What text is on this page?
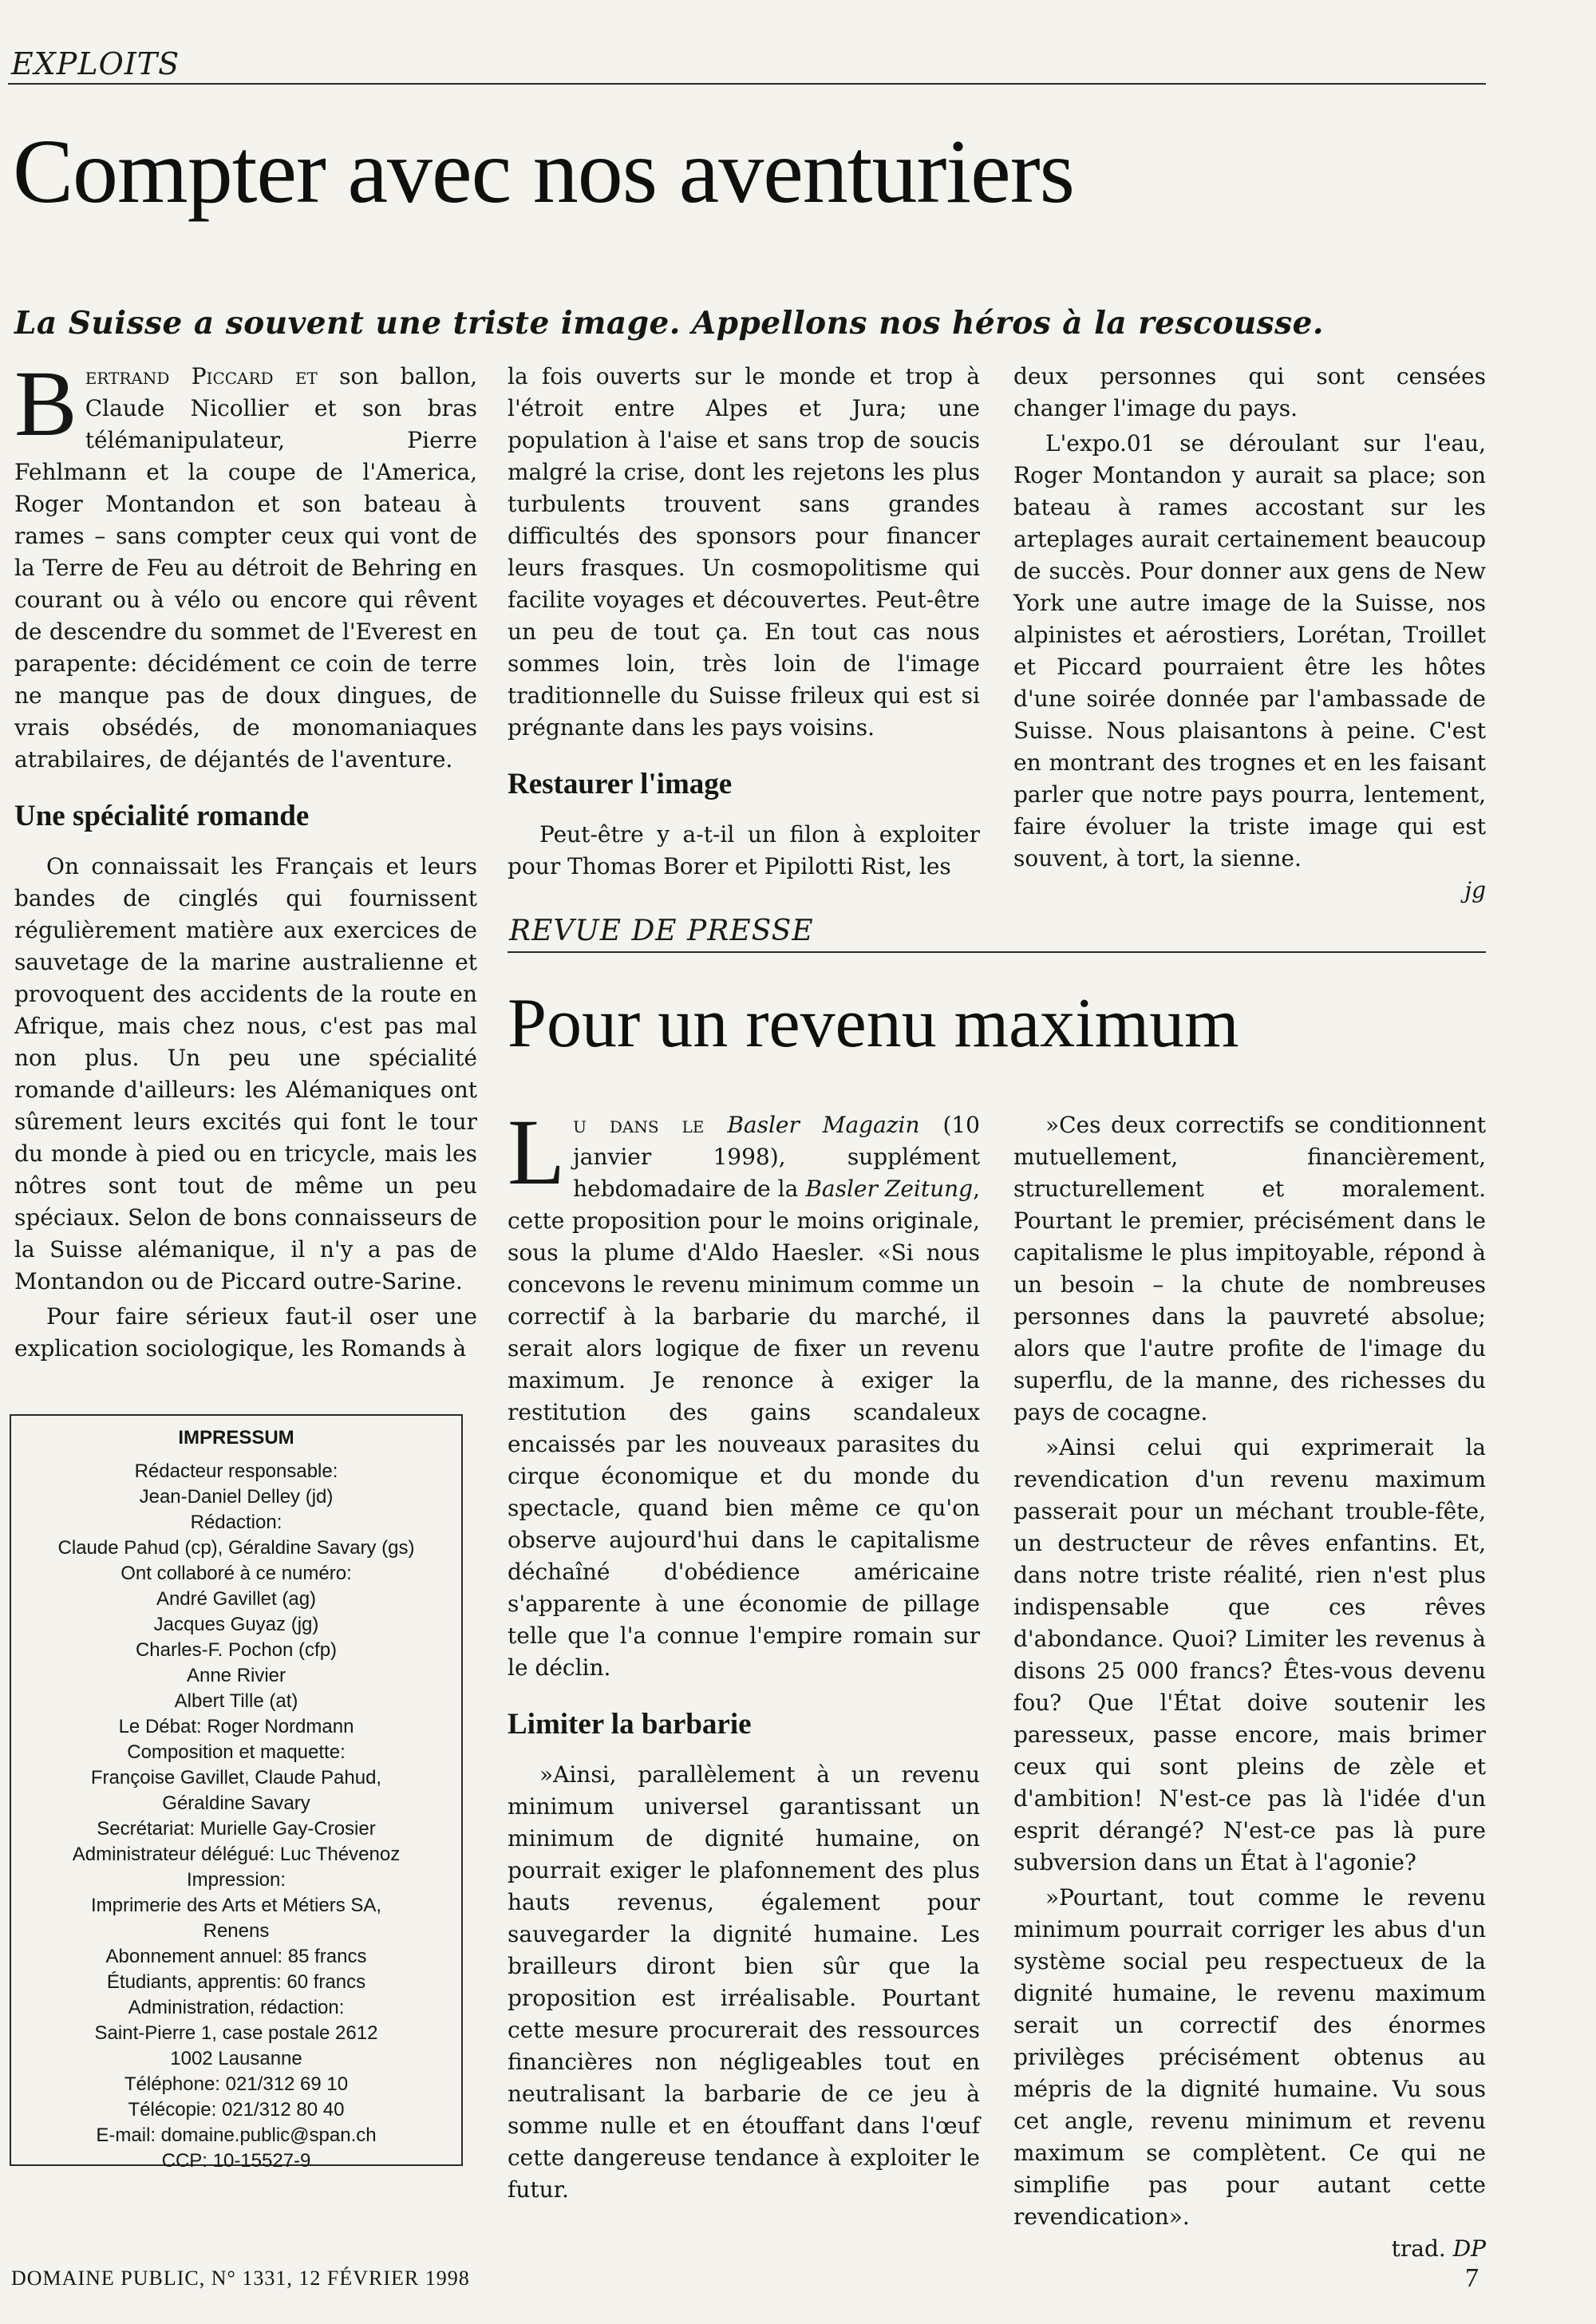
EXPLOITS
Compter avec nos aventuriers
La Suisse a souvent une triste image. Appellons nos héros à la rescousse.

B ertrand Piccard et son ballon, Claude Nicollier et son bras télémanipulateur, Pierre Fehlmann et la coupe de l'America, Roger Montandon et son bateau à rames – sans compter ceux qui vont de la Terre de Feu au détroit de Behring en courant ou à vélo ou encore qui rêvent de descendre du sommet de l'Everest en parapente: décidément ce coin de terre ne manque pas de doux dingues, de vrais obsédés, de monomaniaques atrabilaires, de déjantés de l'aventure.

Une spécialité romande

On connaissait les Français et leurs bandes de cinglés qui fournissent régulièrement matière aux exercices de sauvetage de la marine australienne et provoquent des accidents de la route en Afrique, mais chez nous, c'est pas mal non plus. Un peu une spécialité romande d'ailleurs: les Alémaniques ont sûrement leurs excités qui font le tour du monde à pied ou en tricycle, mais les nôtres sont tout de même un peu spéciaux. Selon de bons connaisseurs de la Suisse alémanique, il n'y a pas de Montandon ou de Piccard outre-Sarine.

Pour faire sérieux faut-il oser une explication sociologique, les Romands à

la fois ouverts sur le monde et trop à l'étroit entre Alpes et Jura; une population à l'aise et sans trop de soucis malgré la crise, dont les rejetons les plus turbulents trouvent sans grandes difficultés des sponsors pour financer leurs frasques. Un cosmopolitisme qui facilite voyages et découvertes. Peut-être un peu de tout ça. En tout cas nous sommes loin, très loin de l'image traditionnelle du Suisse frileux qui est si prégnante dans les pays voisins.

Restaurer l'image

Peut-être y a-t-il un filon à exploiter pour Thomas Borer et Pipilotti Rist, les

deux personnes qui sont censées changer l'image du pays.

L'expo.01 se déroulant sur l'eau, Roger Montandon y aurait sa place; son bateau à rames accostant sur les arteplages aurait certainement beaucoup de succès. Pour donner aux gens de New York une autre image de la Suisse, nos alpinistes et aérostiers, Lorétan, Troillet et Piccard pourraient être les hôtes d'une soirée donnée par l'ambassade de Suisse. Nous plaisantons à peine. C'est en montrant des trognes et en les faisant parler que notre pays pourra, lentement, faire évoluer la triste image qui est souvent, à tort, la sienne.

jg
IMPRESSUM
Rédacteur responsable:
Jean-Daniel Delley (jd)
Rédaction:
Claude Pahud (cp), Géraldine Savary (gs)
Ont collaboré à ce numéro:
André Gavillet (ag)
Jacques Guyaz (jg)
Charles-F. Pochon (cfp)
Anne Rivier
Albert Tille (at)
Le Débat: Roger Nordmann
Composition et maquette:
Françoise Gavillet, Claude Pahud,
Géraldine Savary
Secrétariat: Murielle Gay-Crosier
Administrateur délégué: Luc Thévenoz
Impression:
Imprimerie des Arts et Métiers SA,
Renens
Abonnement annuel: 85 francs
Étudiants, apprentis: 60 francs
Administration, rédaction:
Saint-Pierre 1, case postale 2612
1002 Lausanne
Téléphone: 021/312 69 10
Télécopie: 021/312 80 40
E-mail: domaine.public@span.ch
CCP: 10-15527-9
REVUE DE PRESSE
Pour un revenu maximum

L u dans le Basler Magazin (10 janvier 1998), supplément hebdomadaire de la Basler Zeitung, cette proposition pour le moins originale, sous la plume d'Aldo Haesler. «Si nous concevons le revenu minimum comme un correctif à la barbarie du marché, il serait alors logique de fixer un revenu maximum. Je renonce à exiger la restitution des gains scandaleux encaissés par les nouveaux parasites du cirque économique et du monde du spectacle, quand bien même ce qu'on observe aujourd'hui dans le capitalisme déchaîné d'obédience américaine s'apparente à une économie de pillage telle que l'a connue l'empire romain sur le déclin.

Limiter la barbarie

»Ainsi, parallèlement à un revenu minimum universel garantissant un minimum de dignité humaine, on pourrait exiger le plafonnement des plus hauts revenus, également pour sauvegarder la dignité humaine. Les brailleurs diront bien sûr que la proposition est irréalisable. Pourtant cette mesure procurerait des ressources financières non négligeables tout en neutralisant la barbarie de ce jeu à somme nulle et en étouffant dans l'œuf cette dangereuse tendance à exploiter le futur.

»Ces deux correctifs se conditionnent mutuellement, financièrement, structurellement et moralement. Pourtant le premier, précisément dans le capitalisme le plus impitoyable, répond à un besoin – la chute de nombreuses personnes dans la pauvreté absolue; alors que l'autre profite de l'image du superflu, de la manne, des richesses du pays de cocagne.

»Ainsi celui qui exprimerait la revendication d'un revenu maximum passerait pour un méchant trouble-fête, un destructeur de rêves enfantins. Et, dans notre triste réalité, rien n'est plus indispensable que ces rêves d'abondance. Quoi? Limiter les revenus à disons 25 000 francs? Êtes-vous devenu fou? Que l'État doive soutenir les paresseux, passe encore, mais brimer ceux qui sont pleins de zèle et d'ambition! N'est-ce pas là l'idée d'un esprit dérangé? N'est-ce pas là pure subversion dans un État à l'agonie?

»Pourtant, tout comme le revenu minimum pourrait corriger les abus d'un système social peu respectueux de la dignité humaine, le revenu maximum serait un correctif des énormes privilèges précisément obtenus au mépris de la dignité humaine. Vu sous cet angle, revenu minimum et revenu maximum se complètent. Ce qui ne simplifie pas pour autant cette revendication».

trad. DP
DOMAINE PUBLIC, N° 1331, 12 FÉVRIER 1998	7
